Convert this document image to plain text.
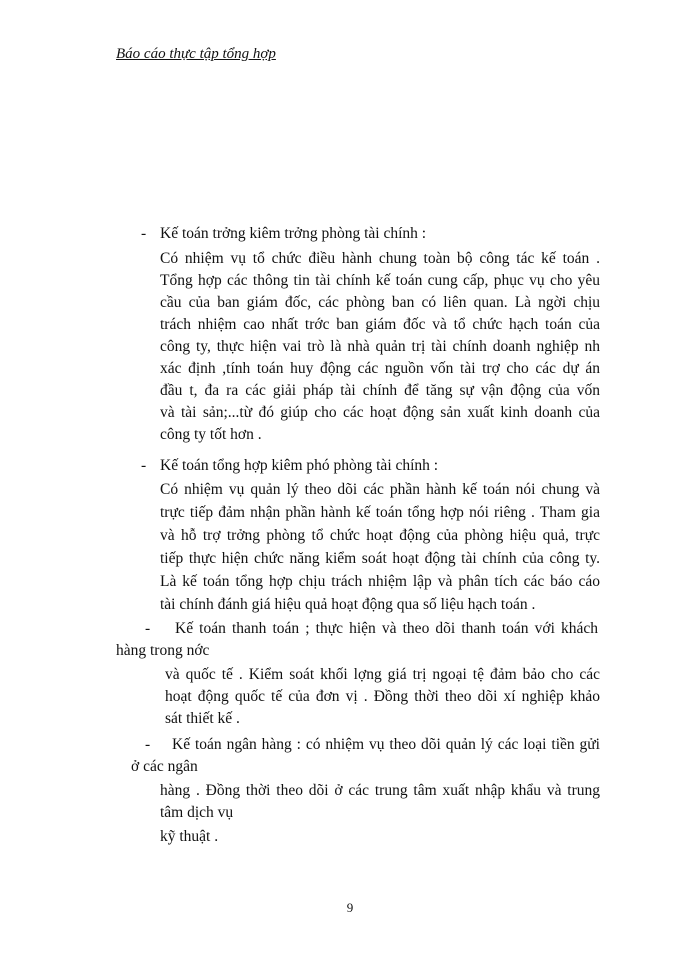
Báo cáo thực tập tổng hợp
- Kế toán trởng kiêm trởng phòng tài chính :
Có nhiệm vụ tổ chức điều hành chung toàn bộ công tác kế toán .
Tổng hợp các thông tin tài chính kế toán cung cấp, phục vụ cho yêu
cầu của ban giám đốc, các phòng ban có liên quan. Là ngời chịu
trách nhiệm cao nhất trớc ban giám đốc và tổ chức hạch toán của
công ty, thực hiện vai trò là nhà quản trị tài chính doanh nghiệp nh
xác định ,tính toán huy động các nguồn vốn tài trợ cho các dự án
đầu t, đa ra các giải pháp tài chính để tăng sự vận động của vốn
và tài sản;...từ đó giúp cho các hoạt động sản xuất kinh doanh của
công ty tốt hơn .
- Kế toán tổng hợp kiêm phó phòng tài chính :
Có nhiệm vụ quản lý theo dõi các phần hành kế toán nói chung và
trực tiếp đảm nhận phần hành kế toán tổng hợp nói riêng . Tham gia
và hỗ trợ trởng phòng tổ chức hoạt động của phòng hiệu quả, trực
tiếp thực hiện chức năng kiểm soát hoạt động tài chính của công ty.
Là kế toán tổng hợp chịu trách nhiệm lập và phân tích các báo cáo
tài chính đánh giá hiệu quả hoạt động qua số liệu hạch toán .
- Kế toán thanh toán ; thực hiện và theo dõi thanh toán với khách
hàng trong nớc
và quốc tế . Kiểm soát khối lợng giá trị ngoại tệ đảm bảo cho các
hoạt động quốc tế của đơn vị . Đồng thời theo dõi xí nghiệp khảo
sát thiết kế .
- Kế toán ngân hàng : có nhiệm vụ theo dõi quản lý các loại tiền gửi
ở các ngân
hàng . Đồng thời theo dõi ở các trung tâm xuất nhập khẩu và trung
tâm dịch vụ
kỹ thuật .
9
